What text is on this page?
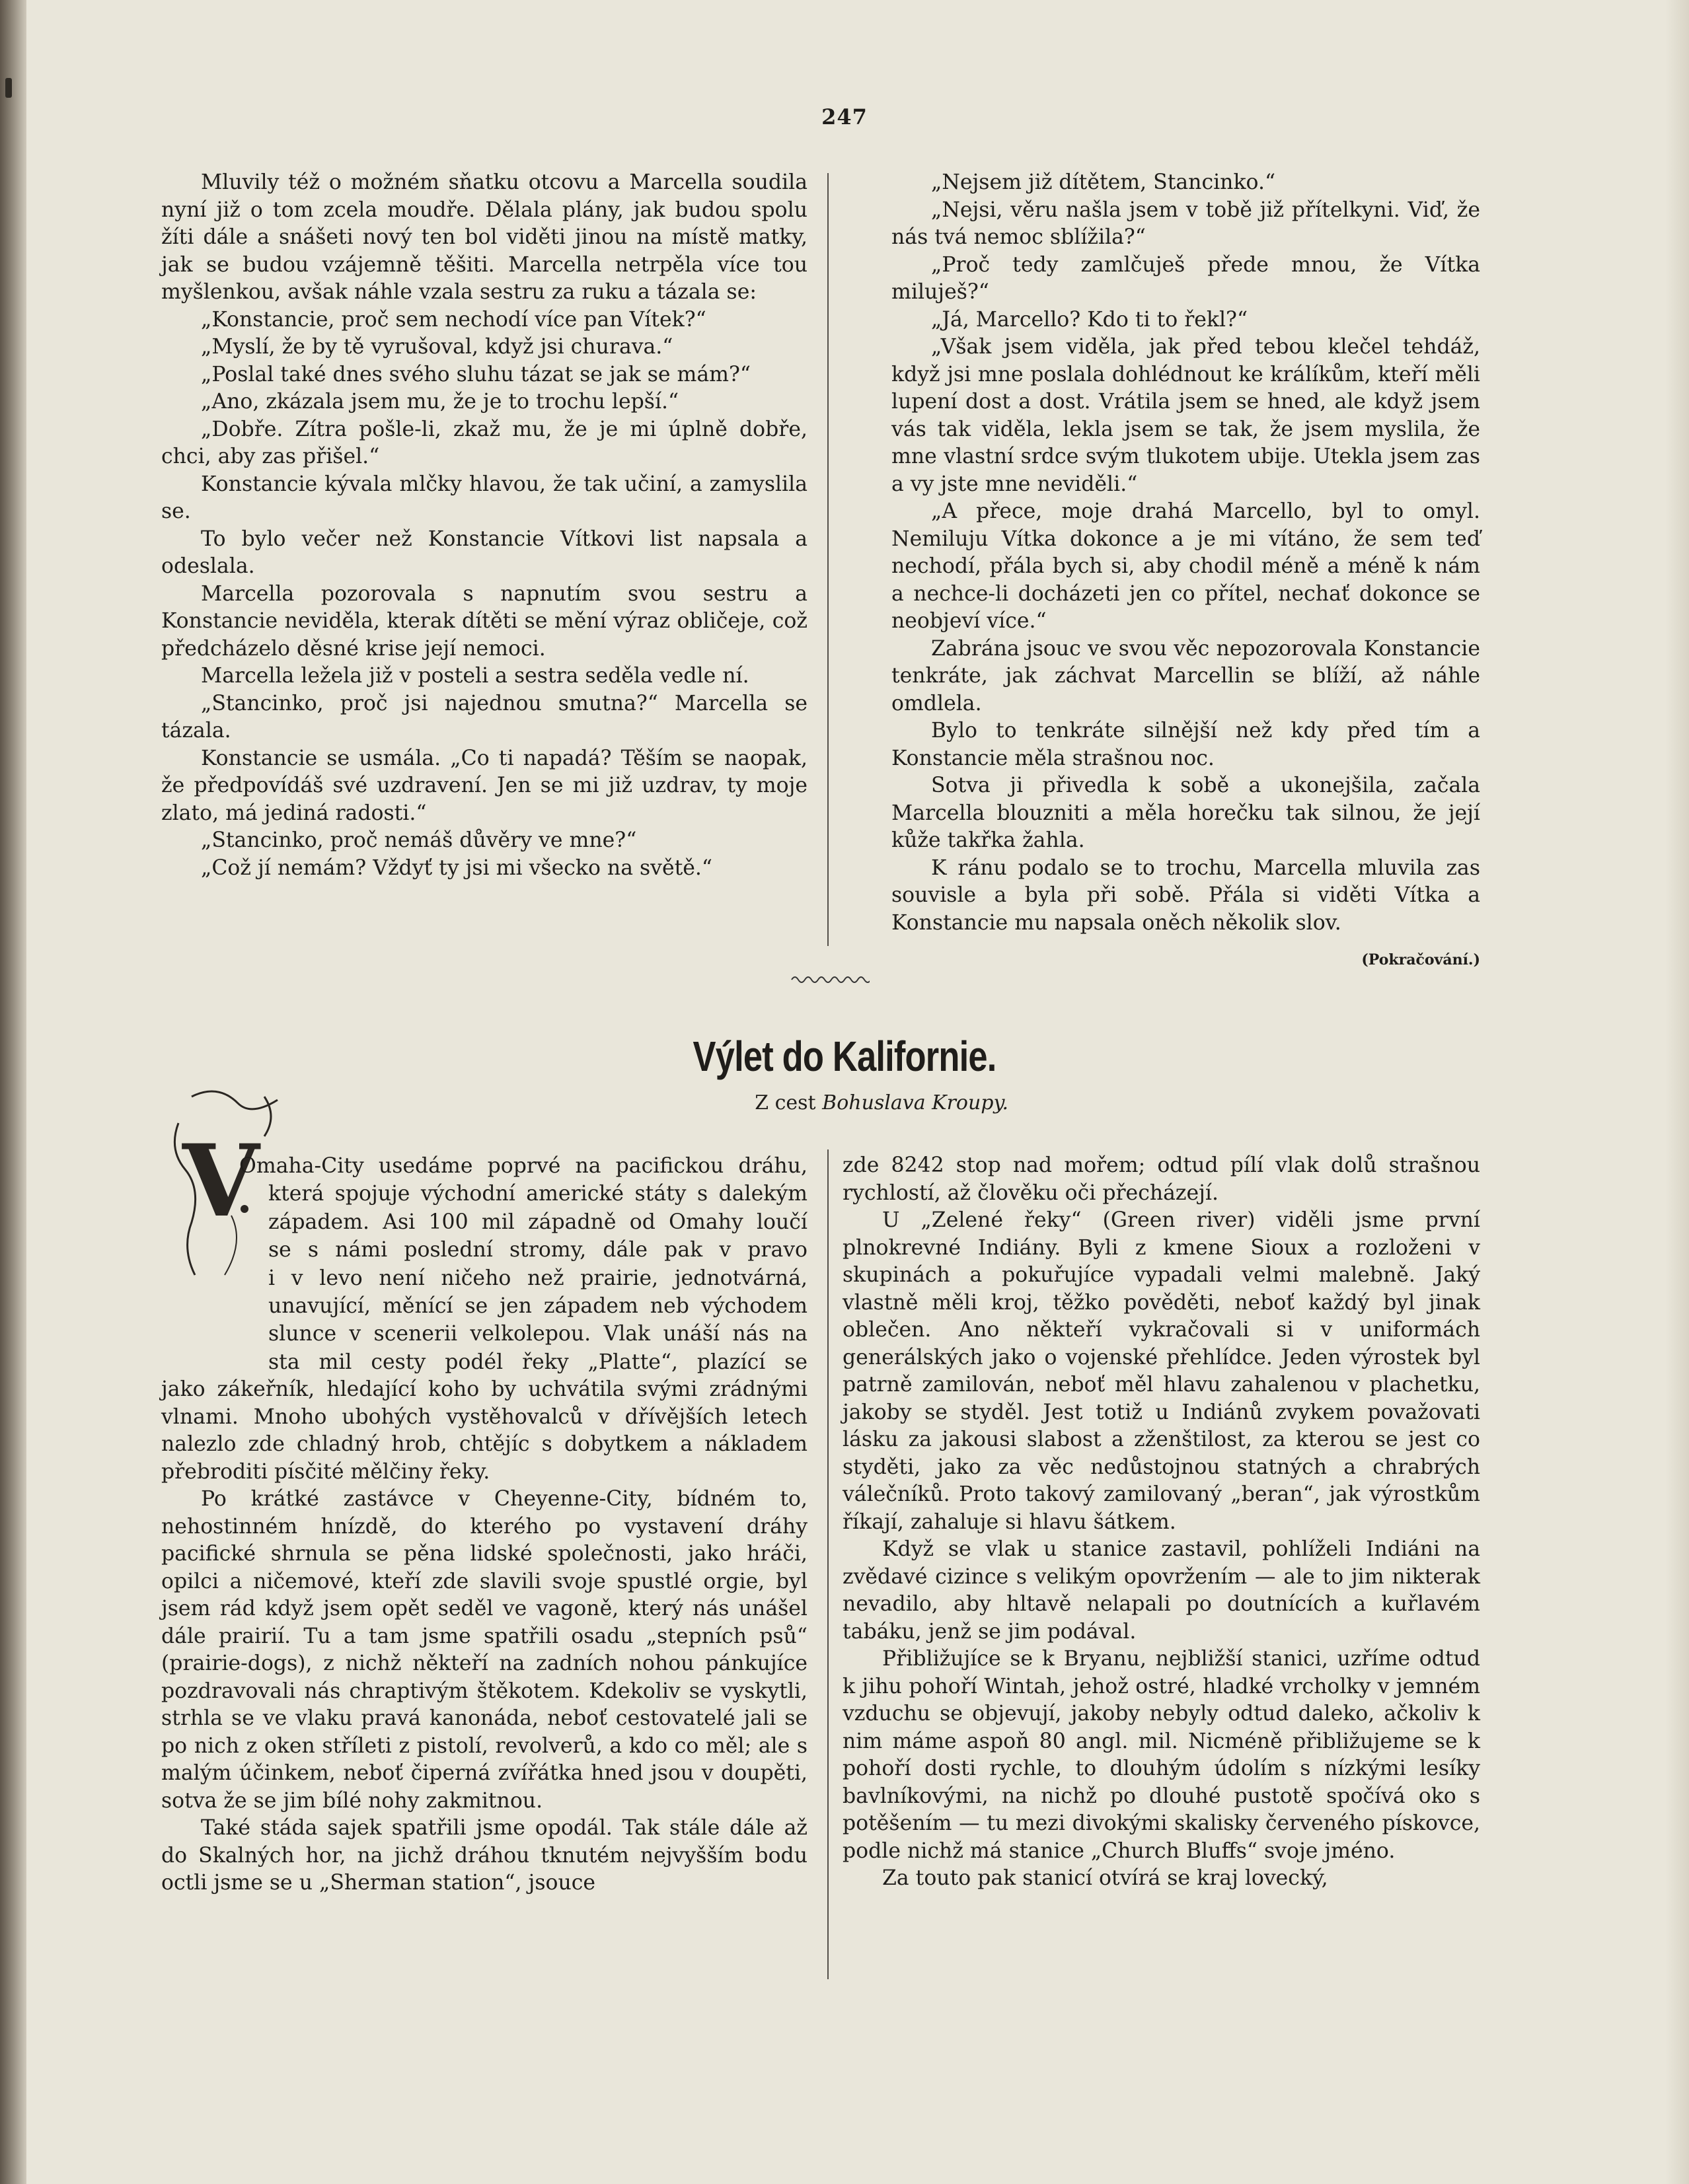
247

Mluvily též o možném sňatku otcovu a Marcella soudila nyní již o tom zcela moudře. Dělala plány, jak budou spolu žíti dále a snášeti nový ten bol viděti jinou na místě matky, jak se budou vzájemně těšiti. Marcella netrpěla více tou myšlenkou, avšak náhle vzala sestru za ruku a tázala se:

„Konstancie, proč sem nechodí více pan Vítek?“

„Myslí, že by tě vyrušoval, když jsi churava.“

„Poslal také dnes svého sluhu tázat se jak se mám?“

„Ano, zkázala jsem mu, že je to trochu lepší.“

„Dobře. Zítra pošle-li, zkaž mu, že je mi úplně dobře, chci, aby zas přišel.“

Konstancie kývala mlčky hlavou, že tak učiní, a zamyslila se.

To bylo večer než Konstancie Vítkovi list napsala a odeslala.

Marcella pozorovala s napnutím svou sestru a Konstancie neviděla, kterak dítěti se mění výraz obličeje, což předcházelo děsné krise její nemoci.

Marcella ležela již v posteli a sestra seděla vedle ní.

„Stancinko, proč jsi najednou smutna?“ Marcella se tázala.

Konstancie se usmála. „Co ti napadá? Těším se naopak, že předpovídáš své uzdravení. Jen se mi již uzdrav, ty moje zlato, má jediná radosti.“

„Stancinko, proč nemáš důvěry ve mne?“

„Což jí nemám? Vždyť ty jsi mi všecko na světě.“

„Nejsem již dítětem, Stancinko.“

„Nejsi, věru našla jsem v tobě již přítelkyni. Viď, že nás tvá nemoc sblížila?“

„Proč tedy zamlčuješ přede mnou, že Vítka miluješ?“

„Já, Marcello? Kdo ti to řekl?“

„Však jsem viděla, jak před tebou klečel tehdáž, když jsi mne poslala dohlédnout ke králíkům, kteří měli lupení dost a dost. Vrátila jsem se hned, ale když jsem vás tak viděla, lekla jsem se tak, že jsem myslila, že mne vlastní srdce svým tlukotem ubije. Utekla jsem zas a vy jste mne neviděli.“

„A přece, moje drahá Marcello, byl to omyl. Nemiluju Vítka dokonce a je mi vítáno, že sem teď nechodí, přála bych si, aby chodil méně a méně k nám a nechce-li docházeti jen co přítel, nechať dokonce se neobjeví více.“

Zabrána jsouc ve svou věc nepozorovala Konstancie tenkráte, jak záchvat Marcellin se blíží, až náhle omdlela.

Bylo to tenkráte silnější než kdy před tím a Konstancie měla strašnou noc.

Sotva ji přivedla k sobě a ukonejšila, začala Marcella blouzniti a měla horečku tak silnou, že její kůže takřka žahla.

K ránu podalo se to trochu, Marcella mluvila zas souvisle a byla při sobě. Přála si viděti Vítka a Konstancie mu napsala oněch několik slov.

(Pokračování.)
Výlet do Kalifornie.
Z cest Bohuslava Kroupy.
V
Omaha-City usedáme poprvé na pacifickou dráhu,
která spojuje východní americké státy s dalekým
západem. Asi 100 mil západně od Omahy loučí
se s námi poslední stromy, dále pak v pravo
i v levo není ničeho než prairie, jednotvárná,
unavující, měnící se jen západem neb východem
slunce v scenerii velkolepou. Vlak unáší nás na
sta mil cesty podél řeky „Platte“, plazící se

jako zákeřník, hledající koho by uchvátila svými zrádnými vlnami. Mnoho ubohých vystěhovalců v dřívějších letech nalezlo zde chladný hrob, chtějíc s dobytkem a nákladem přebroditi písčité mělčiny řeky.

Po krátké zastávce v Cheyenne-City, bídném to, nehostinném hnízdě, do kterého po vystavení dráhy pacifické shrnula se pěna lidské společnosti, jako hráči, opilci a ničemové, kteří zde slavili svoje spustlé orgie, byl jsem rád když jsem opět seděl ve vagoně, který nás unášel dále prairií. Tu a tam jsme spatřili osadu „stepních psů“ (prairie-dogs), z nichž někteří na zadních nohou pánkujíce pozdravovali nás chraptivým štěkotem. Kdekoliv se vyskytli, strhla se ve vlaku pravá kanonáda, neboť cestovatelé jali se po nich z oken stříleti z pistolí, revolverů, a kdo co měl; ale s malým účinkem, neboť čiperná zvířátka hned jsou v doupěti, sotva že se jim bílé nohy zakmitnou.

Také stáda sajek spatřili jsme opodál. Tak stále dále až do Skalných hor, na jichž dráhou tknutém nejvyšším bodu octli jsme se u „Sherman station“, jsouce

zde 8242 stop nad mořem; odtud pílí vlak dolů strašnou rychlostí, až člověku oči přecházejí.

U „Zelené řeky“ (Green river) viděli jsme první plnokrevné Indiány. Byli z kmene Sioux a rozloženi v skupinách a pokuřujíce vypadali velmi malebně. Jaký vlastně měli kroj, těžko pověděti, neboť každý byl jinak oblečen. Ano někteří vykračovali si v uniformách generálských jako o vojenské přehlídce. Jeden výrostek byl patrně zamilován, neboť měl hlavu zahalenou v plachetku, jakoby se styděl. Jest totiž u Indiánů zvykem považovati lásku za jakousi slabost a zženštilost, za kterou se jest co styděti, jako za věc nedůstojnou statných a chrabrých válečníků. Proto takový zamilovaný „beran“, jak výrostkům říkají, zahaluje si hlavu šátkem.

Když se vlak u stanice zastavil, pohlíželi Indiáni na zvědavé cizince s velikým opovržením — ale to jim nikterak nevadilo, aby hltavě nelapali po doutnících a kuřlavém tabáku, jenž se jim podával.

Přibližujíce se k Bryanu, nejbližší stanici, uzříme odtud k jihu pohoří Wintah, jehož ostré, hladké vrcholky v jemném vzduchu se objevují, jakoby nebyly odtud daleko, ačkoliv k nim máme aspoň 80 angl. mil. Nicméně přibližujeme se k pohoří dosti rychle, to dlouhým údolím s nízkými lesíky bavlníkovými, na nichž po dlouhé pustotě spočívá oko s potěšením — tu mezi divokými skalisky červeného pískovce, podle nichž má stanice „Church Bluffs“ svoje jméno.

Za touto pak stanicí otvírá se kraj lovecký,
